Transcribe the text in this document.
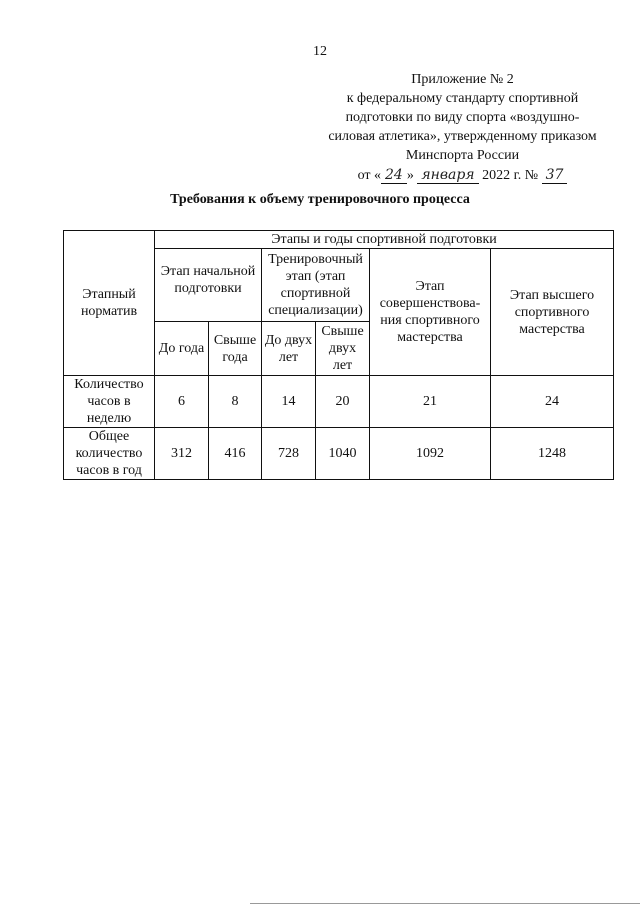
12
Приложение № 2
к федеральному стандарту спортивной
подготовки по виду спорта «воздушно-
силовая атлетика», утвержденному приказом
Минспорта России
от « 24 » января 2022 г. № 37
Требования к объему тренировочного процесса
Этапный норматив	Этапы и годы спортивной подготовки					
	Этап начальной подготовки		Тренировочный этап (этап спортивной специализации)		Этап совершенствова-ния спортивного мастерства	Этап высшего спортивного мастерства
	До года	Свыше года	До двух лет	Свыше двух лет		
Количество часов в неделю	6	8	14	20	21	24
Общее количество часов в год	312	416	728	1040	1092	1248
